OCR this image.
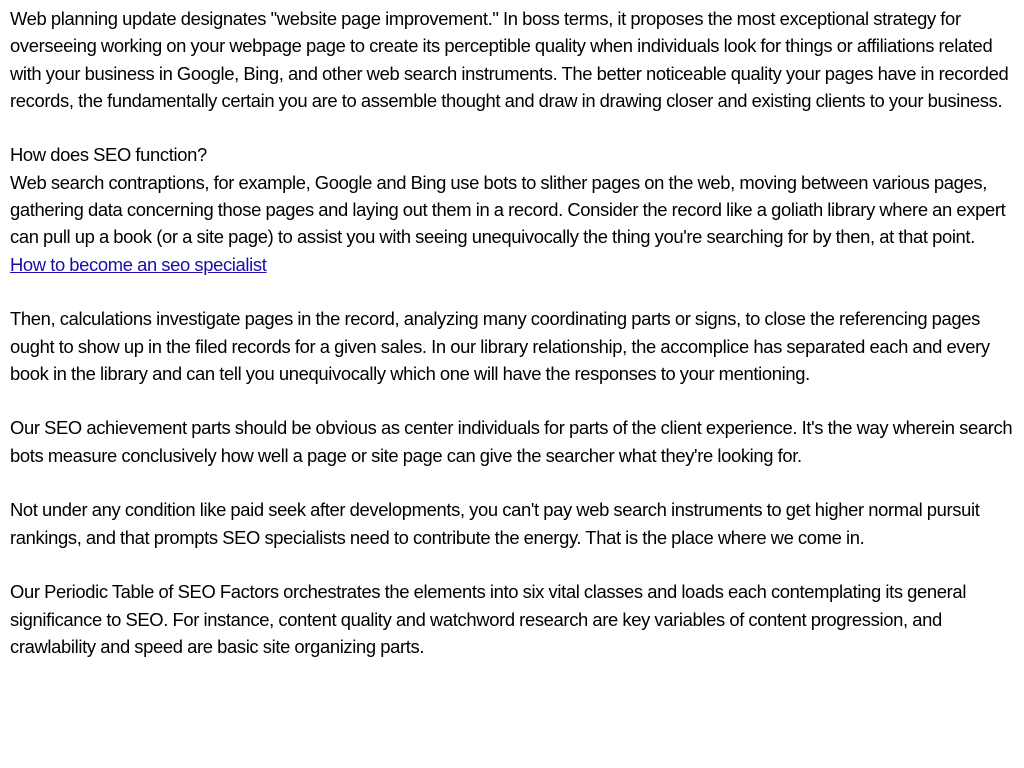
Web planning update designates "website page improvement." In boss terms, it proposes the most exceptional strategy for overseeing working on your webpage page to create its perceptible quality when individuals look for things or affiliations related with your business in Google, Bing, and other web search instruments. The better noticeable quality your pages have in recorded records, the fundamentally certain you are to assemble thought and draw in drawing closer and existing clients to your business.

How does SEO function?
Web search contraptions, for example, Google and Bing use bots to slither pages on the web, moving between various pages, gathering data concerning those pages and laying out them in a record. Consider the record like a goliath library where an expert can pull up a book (or a site page) to assist you with seeing unequivocally the thing you're searching for by then, at that point. How to become an seo specialist

Then, calculations investigate pages in the record, analyzing many coordinating parts or signs, to close the referencing pages ought to show up in the filed records for a given sales. In our library relationship, the accomplice has separated each and every book in the library and can tell you unequivocally which one will have the responses to your mentioning.

Our SEO achievement parts should be obvious as center individuals for parts of the client experience. It's the way wherein search bots measure conclusively how well a page or site page can give the searcher what they're looking for.

Not under any condition like paid seek after developments, you can't pay web search instruments to get higher normal pursuit rankings, and that prompts SEO specialists need to contribute the energy. That is the place where we come in.

Our Periodic Table of SEO Factors orchestrates the elements into six vital classes and loads each contemplating its general significance to SEO. For instance, content quality and watchword research are key variables of content progression, and crawlability and speed are basic site organizing parts.
